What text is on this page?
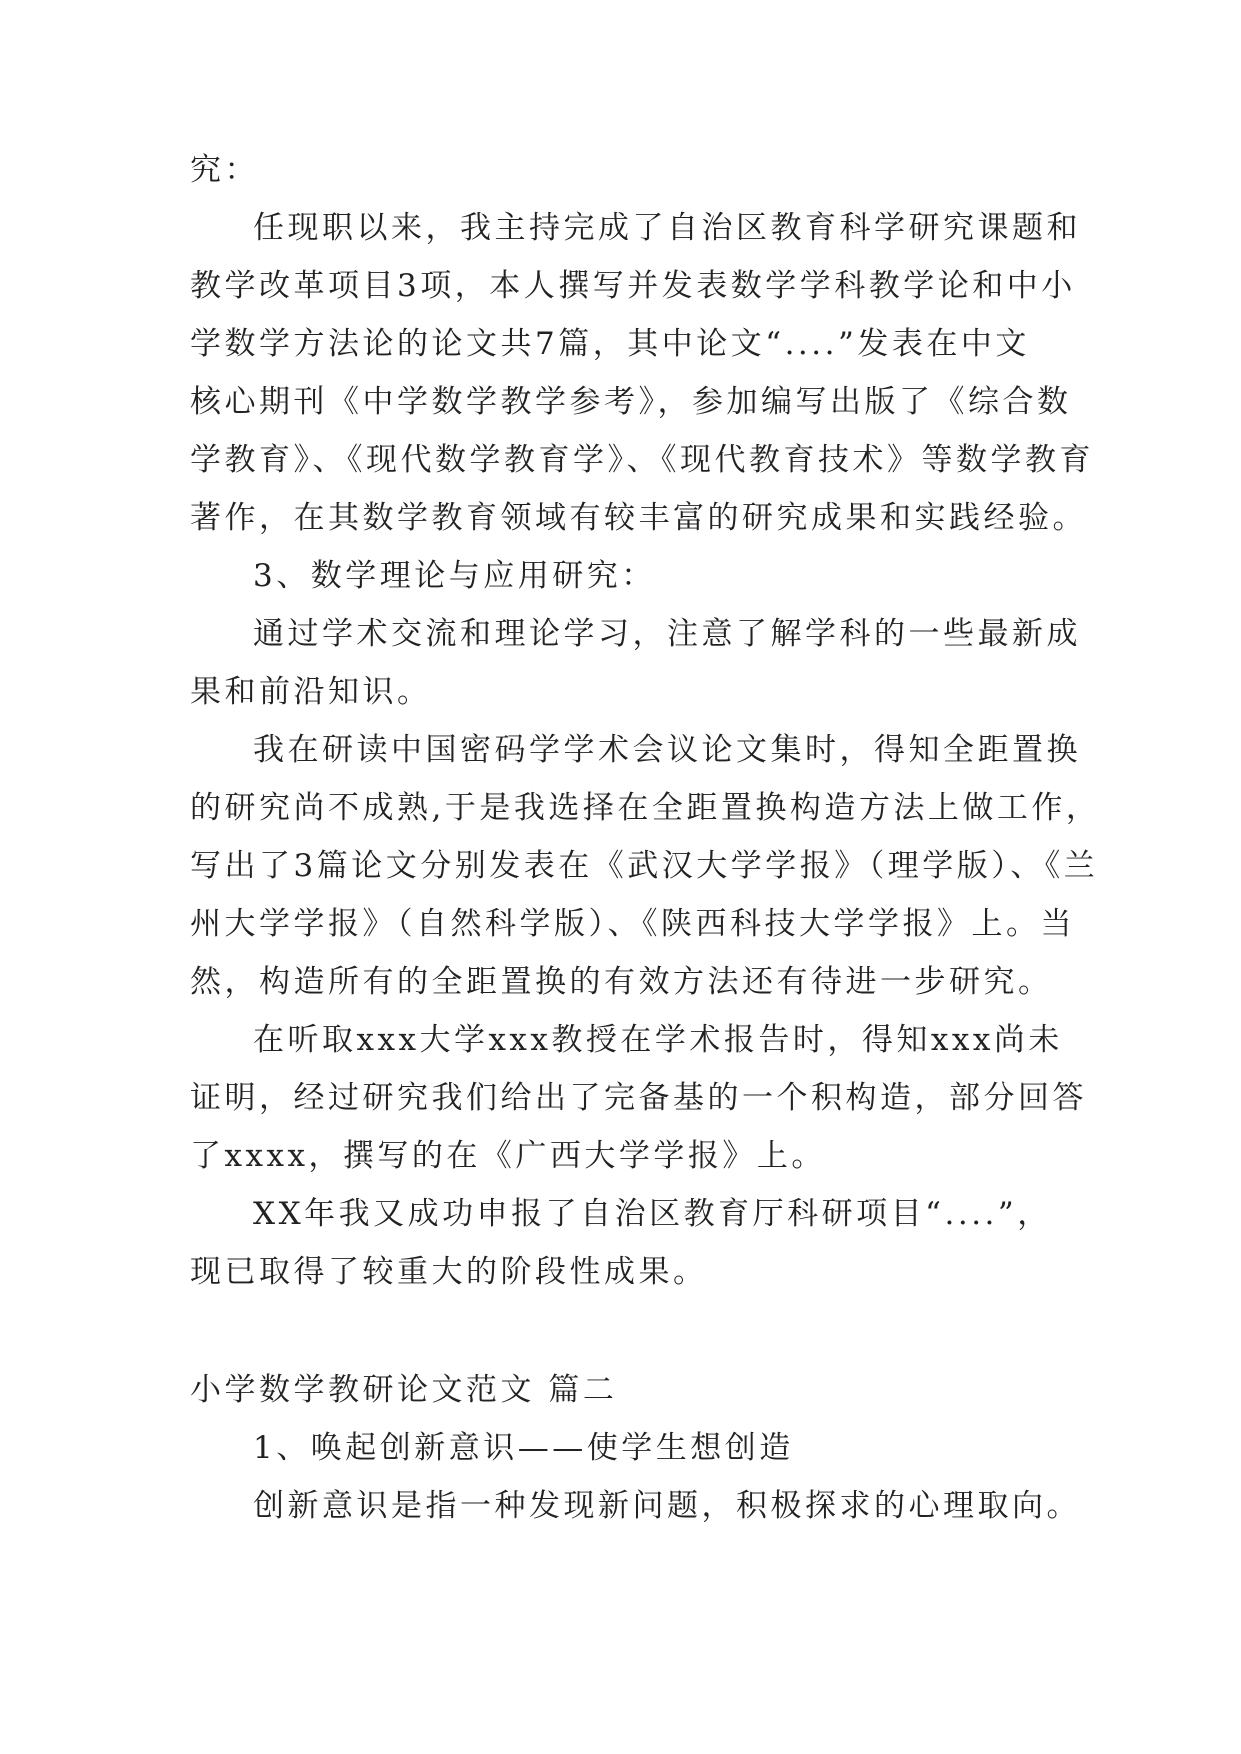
究：
任现职以来，我主持完成了自治区教育科学研究课题和
教学改革项目3项，本人撰写并发表数学学科教学论和中小
学数学方法论的论文共7篇，其中论文“....”发表在中文
核心期刊《中学数学教学参考》，参加编写出版了《综合数
学教育》、《现代数学教育学》、《现代教育技术》等数学教育
著作，在其数学教育领域有较丰富的研究成果和实践经验。
3、数学理论与应用研究：
通过学术交流和理论学习，注意了解学科的一些最新成
果和前沿知识。
我在研读中国密码学学术会议论文集时，得知全距置换
的研究尚不成熟,于是我选择在全距置换构造方法上做工作，
写出了3篇论文分别发表在《武汉大学学报》（理学版）、《兰
州大学学报》（自然科学版）、《陕西科技大学学报》上。当
然，构造所有的全距置换的有效方法还有待进一步研究。
在听取xxx大学xxx教授在学术报告时，得知xxx尚未
证明，经过研究我们给出了完备基的一个积构造，部分回答
了xxxx，撰写的在《广西大学学报》上。
XX年我又成功申报了自治区教育厅科研项目“....”，
现已取得了较重大的阶段性成果。
小学数学教研论文范文 篇二
1、唤起创新意识——使学生想创造
创新意识是指一种发现新问题，积极探求的心理取向。
